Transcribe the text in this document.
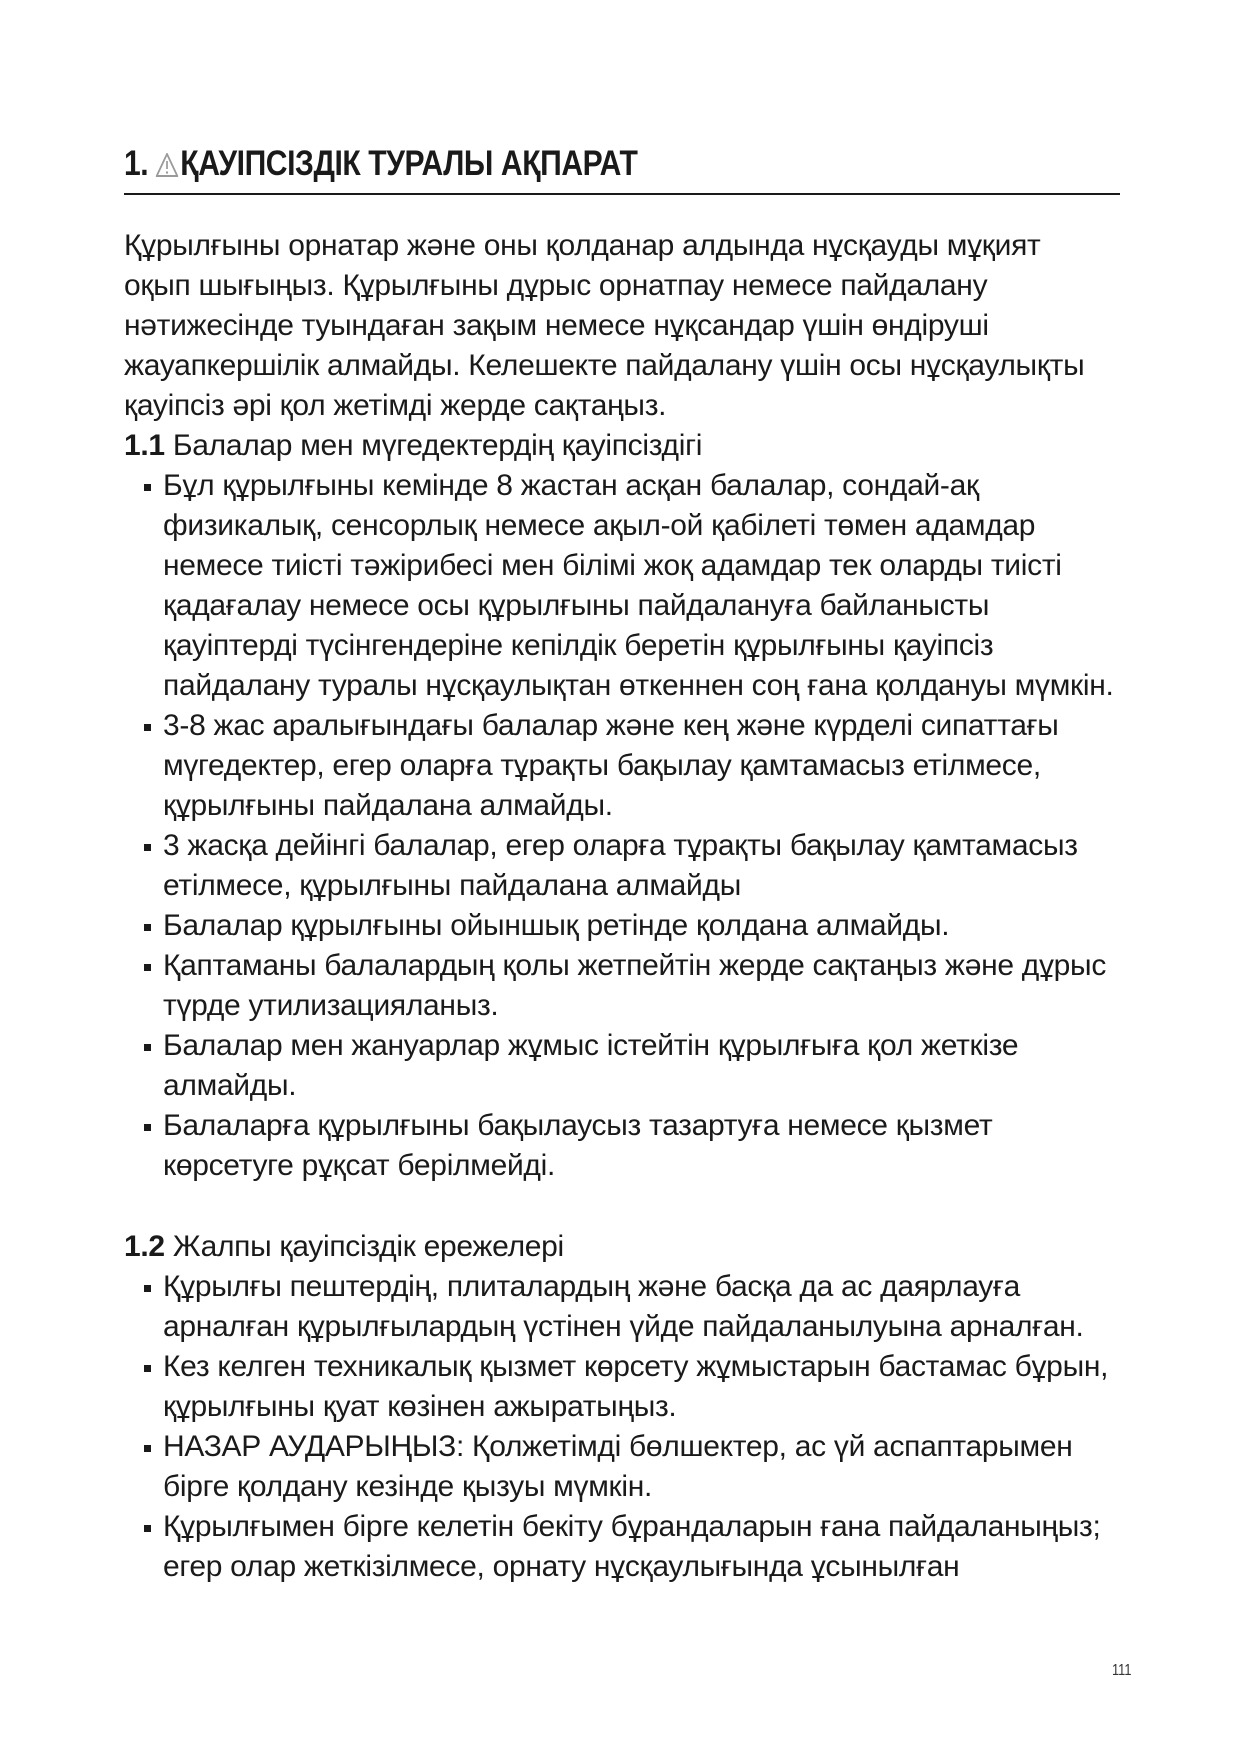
1. ҚАУІПСІЗДІК ТУРАЛЫ АҚПАРАТ

Құрылғыны орнатар және оны қолданар алдында нұсқауды мұқият оқып шығыңыз. Құрылғыны дұрыс орнатпау немесе пайдалану нәтижесінде туындаған зақым немесе нұқсандар үшін өндіруші жауапкершілік алмайды. Келешекте пайдалану үшін осы нұсқаулықты қауіпсіз әрі қол жетімді жерде сақтаңыз.

1.1 Балалар мен мүгедектердің қауіпсіздігі

Бұл құрылғыны кемінде 8 жастан асқан балалар, сондай-ақ физикалық, сенсорлық немесе ақыл-ой қабілеті төмен адамдар немесе тиісті тәжірибесі мен білімі жоқ адамдар тек оларды тиісті қадағалау немесе осы құрылғыны пайдалануға байланысты қауіптерді түсінгендеріне кепілдік беретін құрылғыны қауіпсіз пайдалану туралы нұсқаулықтан өткеннен соң ғана қолдануы мүмкін.
3-8 жас аралығындағы балалар және кең және күрделі сипаттағы мүгедектер, егер оларға тұрақты бақылау қамтамасыз етілмесе, құрылғыны пайдалана алмайды.
3 жасқа дейінгі балалар, егер оларға тұрақты бақылау қамтамасыз етілмесе, құрылғыны пайдалана алмайды
Балалар құрылғыны ойыншық ретінде қолдана алмайды.
Қаптаманы балалардың қолы жетпейтін жерде сақтаңыз және дұрыс түрде утилизацияланыз.
Балалар мен жануарлар жұмыс істейтін құрылғыға қол жеткізе алмайды.
Балаларға құрылғыны бақылаусыз тазартуға немесе қызмет көрсетуге рұқсат берілмейді.

1.2 Жалпы қауіпсіздік ережелері

Құрылғы пештердің, плиталардың және басқа да ас даярлауға арналған құрылғылардың үстінен үйде пайдаланылуына арналған.
Кез келген техникалық қызмет көрсету жұмыстарын бастамас бұрын, құрылғыны қуат көзінен ажыратыңыз.
НАЗАР АУДАРЫҢЫЗ: Қолжетімді бөлшектер, ас үй аспаптарымен бірге қолдану кезінде қызуы мүмкін.
Құрылғымен бірге келетін бекіту бұрандаларын ғана пайдаланыңыз; егер олар жеткізілмесе, орнату нұсқаулығында ұсынылған
111
